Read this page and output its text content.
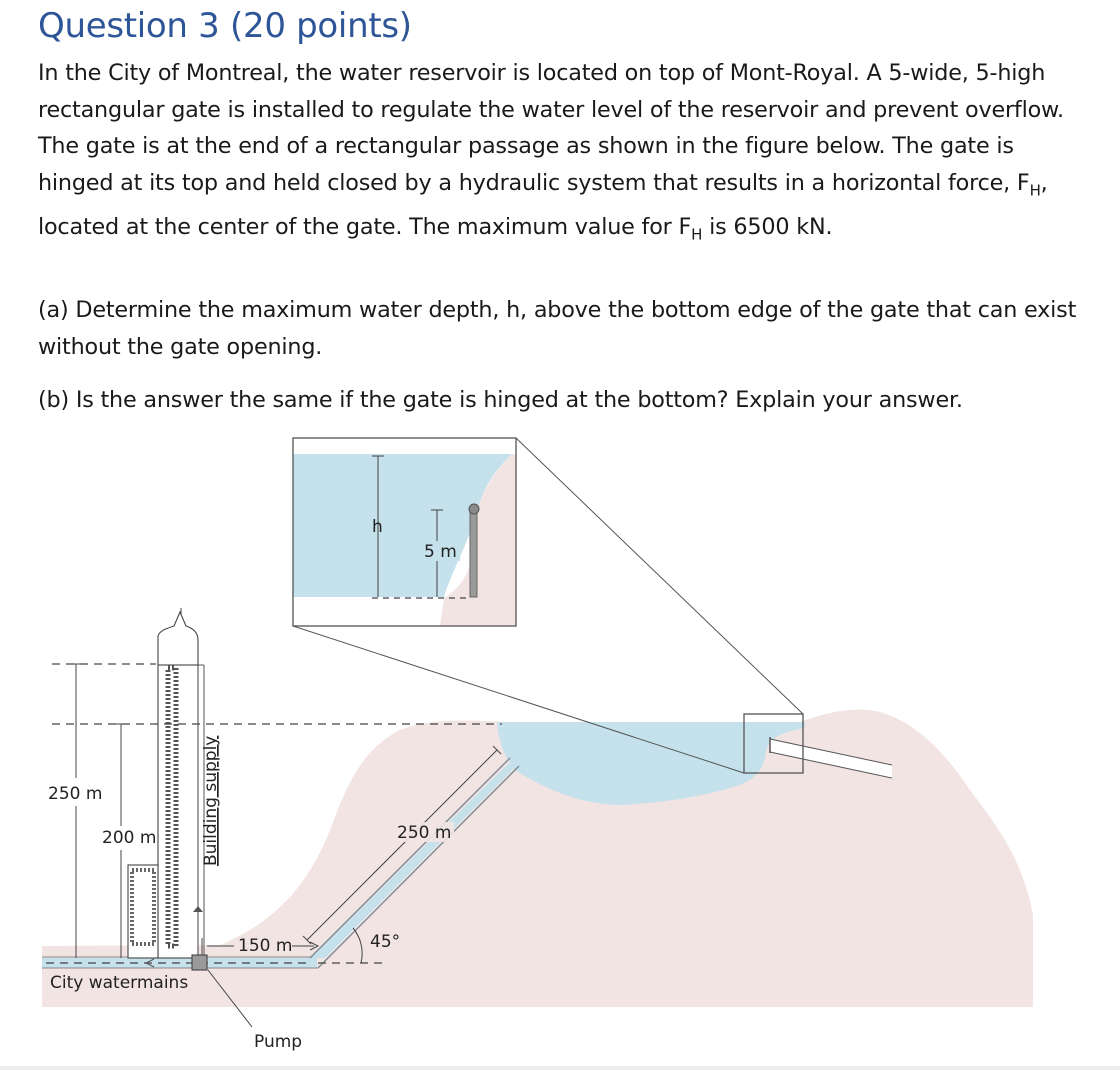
Question 3 (20 points)

In the City of Montreal, the water reservoir is located on top of Mont-Royal. A 5-wide, 5-high rectangular gate is installed to regulate the water level of the reservoir and prevent overflow. The gate is at the end of a rectangular passage as shown in the figure below. The gate is hinged at its top and held closed by a hydraulic system that results in a horizontal force, $F_H$, located at the center of the gate. The maximum value for $F_H$ is 6500 kN.

(a) Determine the maximum water depth, h, above the bottom edge of the gate that can exist without the gate opening.

(b) Is the answer the same if the gate is hinged at the bottom? Explain your answer.

h
5 m
Building supply
250 m
200 m	250 m
150 m	45°
Pump
City watermains
